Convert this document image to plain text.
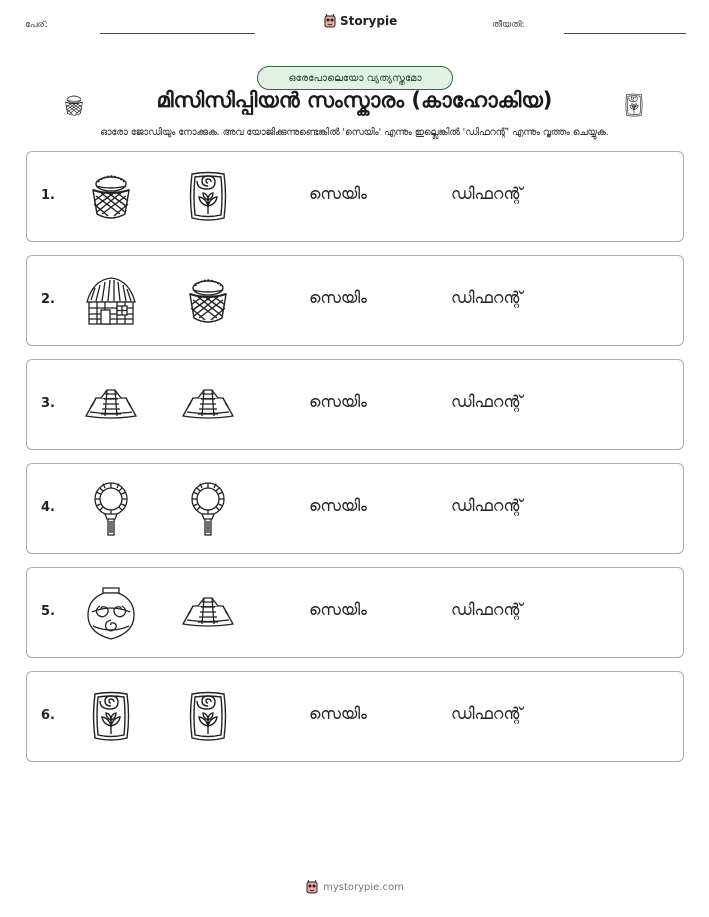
പേര്:	Storypie	തീയതി:
ഒരേപോലെയോ വ്യത്യസ്തമോ
മിസിസിപ്പിയൻ സംസ്കാരം (കാഹോകിയ)
ഓരോ ജോഡിയും നോക്കുക. അവ യോജിക്കുന്നുണ്ടെങ്കിൽ 'സെയിം' എന്നും ഇല്ലെങ്കിൽ 'ഡിഫറന്റ്' എന്നും വൃത്തം ചെയ്യുക.
1.	സെയിം	ഡിഫറന്റ്
2.	സെയിം	ഡിഫറന്റ്
3.	സെയിം	ഡിഫറന്റ്
4.	സെയിം	ഡിഫറന്റ്
5.	സെയിം	ഡിഫറന്റ്
6.	സെയിം	ഡിഫറന്റ്
mystorypie.com
